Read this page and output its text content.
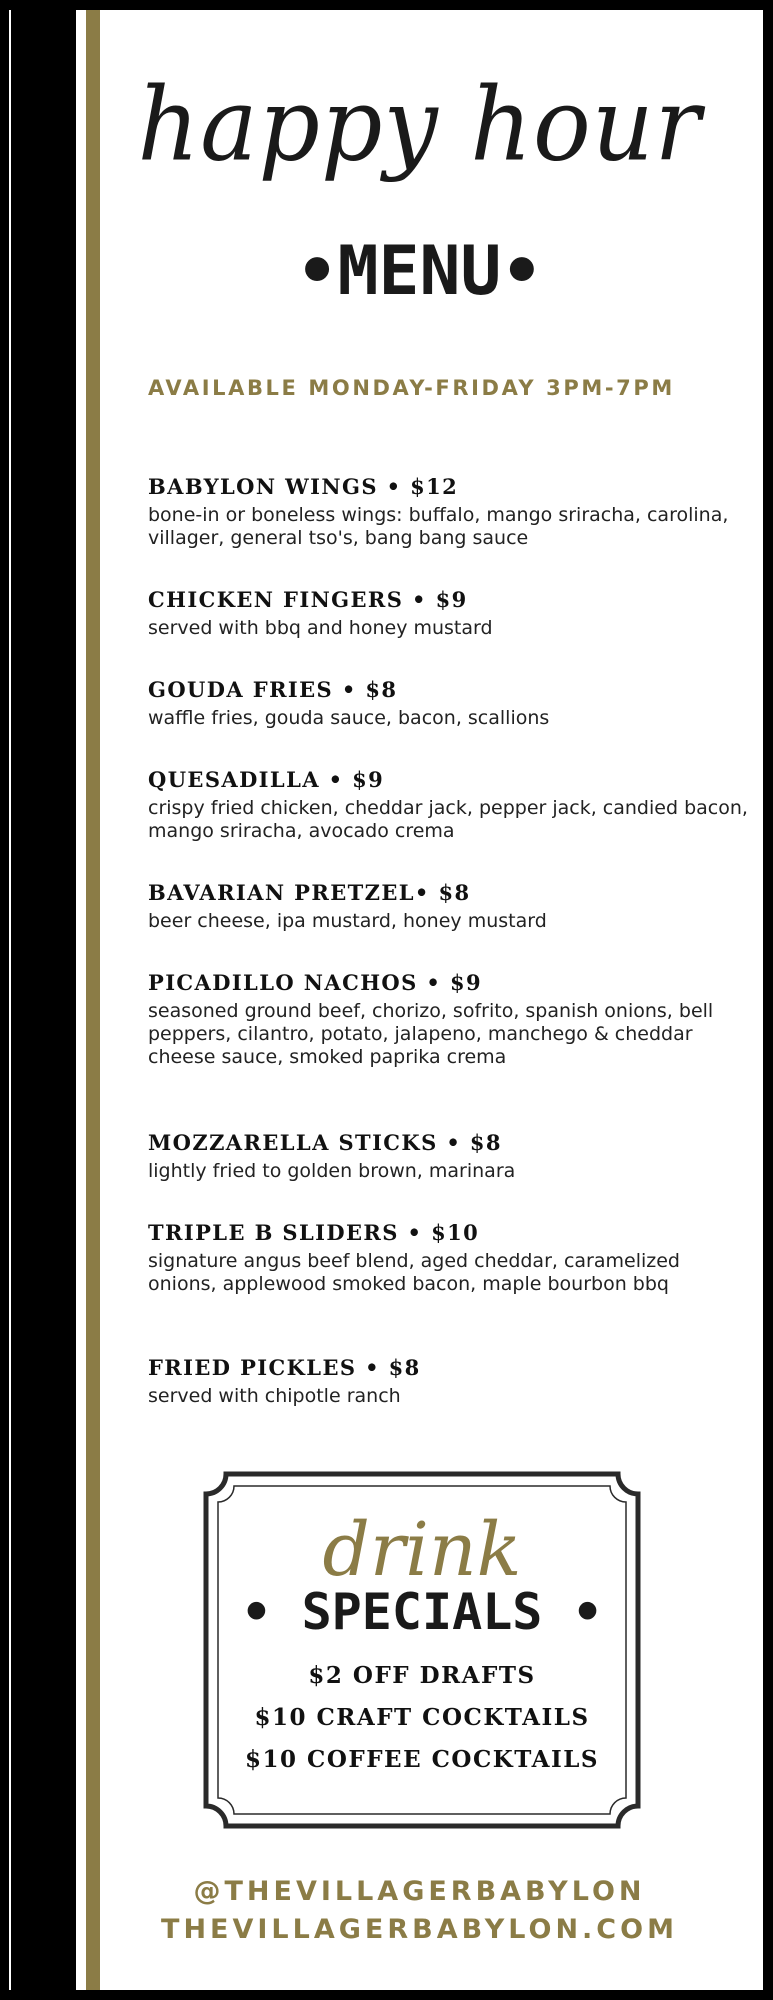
happy hour
•MENU•
AVAILABLE MONDAY-FRIDAY 3PM-7PM
BABYLON WINGS • $12
bone-in or boneless wings: buffalo, mango sriracha, carolina, villager, general tso's, bang bang sauce
CHICKEN FINGERS • $9
served with bbq and honey mustard
GOUDA FRIES • $8
waffle fries, gouda sauce, bacon, scallions
QUESADILLA • $9
crispy fried chicken, cheddar jack, pepper jack, candied bacon, mango sriracha, avocado crema
BAVARIAN PRETZEL• $8
beer cheese, ipa mustard, honey mustard
PICADILLO NACHOS • $9
seasoned ground beef, chorizo, sofrito, spanish onions, bell peppers, cilantro, potato, jalapeno, manchego & cheddar cheese sauce, smoked paprika crema
MOZZARELLA STICKS • $8
lightly fried to golden brown, marinara
TRIPLE B SLIDERS • $10
signature angus beef blend, aged cheddar, caramelized onions, applewood smoked bacon, maple bourbon bbq
FRIED PICKLES • $8
served with chipotle ranch
drink
• SPECIALS •
$2 OFF DRAFTS
$10 CRAFT COCKTAILS
$10 COFFEE COCKTAILS
@THEVILLAGERBABYLON
THEVILLAGERBABYLON.COM
